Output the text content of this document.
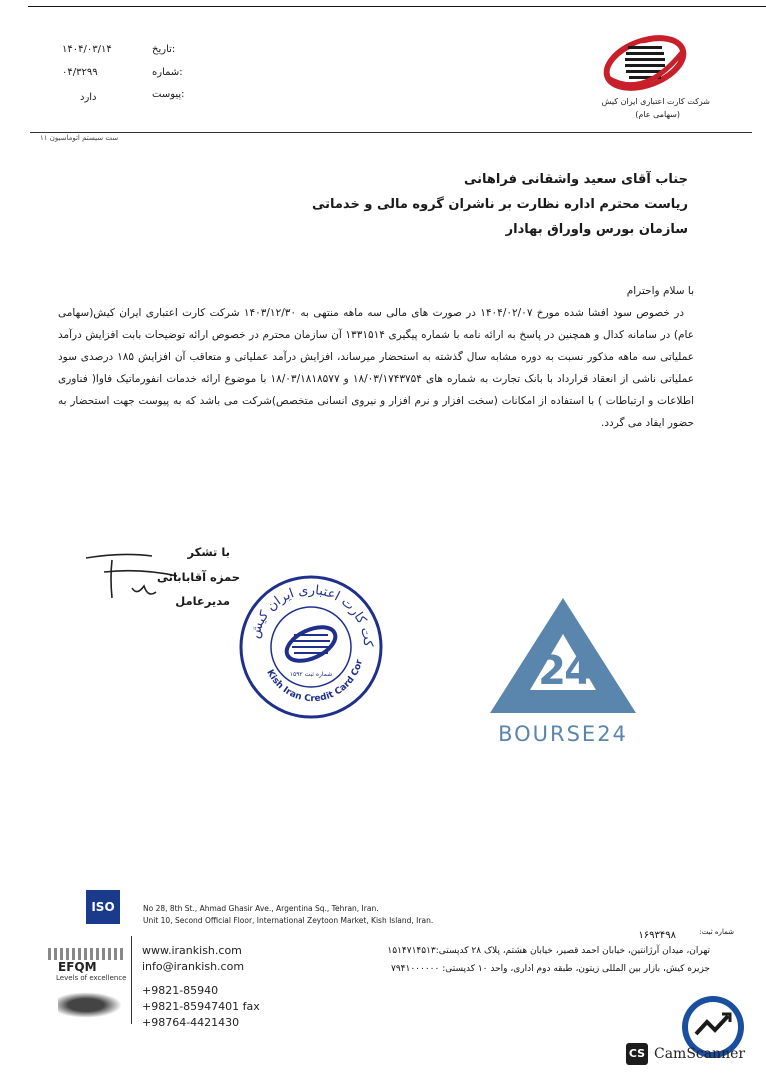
تاریخ:
۱۴۰۴/۰۳/۱۴
شماره:
۰۴/۳۲۹۹
پیوست:
دارد	شرکت کارت اعتباری ایران کیش
(سهامی عام)
۱۱ ست سیستم اتوماسیون
جناب آقای سعید واشقانی فراهانی
ریاست محترم اداره نظارت بر ناشران گروه مالی و خدماتی
سازمان بورس واوراق بهادار

با سلام واحترام

در خصوص سود افشا شده مورخ ۱۴۰۴/۰۲/۰۷ در صورت های مالی سه ماهه منتهی به ۱۴۰۳/۱۲/۳۰ شرکت کارت اعتباری ایران کیش(سهامی عام) در سامانه کدال و همچنین در پاسخ به ارائه نامه با شماره پیگیری ۱۳۳۱۵۱۴ آن سازمان محترم در خصوص ارائه توضیحات بابت افزایش درآمد عملیاتی سه ماهه مذکور نسبت به دوره مشابه سال گذشته به استحضار میرساند، افزایش درآمد عملیاتی و متعاقب آن افزایش ۱۸۵ درصدی سود عملیاتی ناشی از انعقاد قرارداد با بانک تجارت به شماره های ۱۸/۰۳/۱۷۴۳۷۵۴ و ۱۸/۰۳/۱۸۱۸۵۷۷ با موضوع ارائه خدمات انفورماتیک فاوا( فناوری اطلاعات و ارتباطات ) با استفاده از امکانات (سخت افزار و نرم افزار و نیروی انسانی متخصص)شرکت می باشد که به پیوست جهت استحضار به حضور ایفاد می گردد.

با تشکر
حمزه آقابابائی
مدیرعامل
کت کارت اعتباری ایران کیش
Kish Iran Credit Card Cor
شماره ثبت ۱۵۹۲	2
4
BOURSE24
ISO
EFQM
Levels of excellence
No 28, 8th St., Ahmad Ghasir Ave., Argentina Sq., Tehran, Iran.
Unit 10, Second Official Floor, International Zeytoon Market, Kish Island, Iran.
www.irankish.com
info@irankish.com
+9821-85940
+9821-85947401 fax
+98764-4421430
شماره ثبت:
۱۶۹۳۴۹۸
تهران، میدان آرژانتین، خیابان احمد قصیر، خیابان هشتم، پلاک ۲۸ کدپستی:۱۵۱۴۷۱۴۵۱۳
جزیره کیش، بازار بین المللی زیتون، طبقه دوم اداری، واحد ۱۰ کدپستی: ۷۹۴۱۰۰۰۰۰۰
CS CamScanner
